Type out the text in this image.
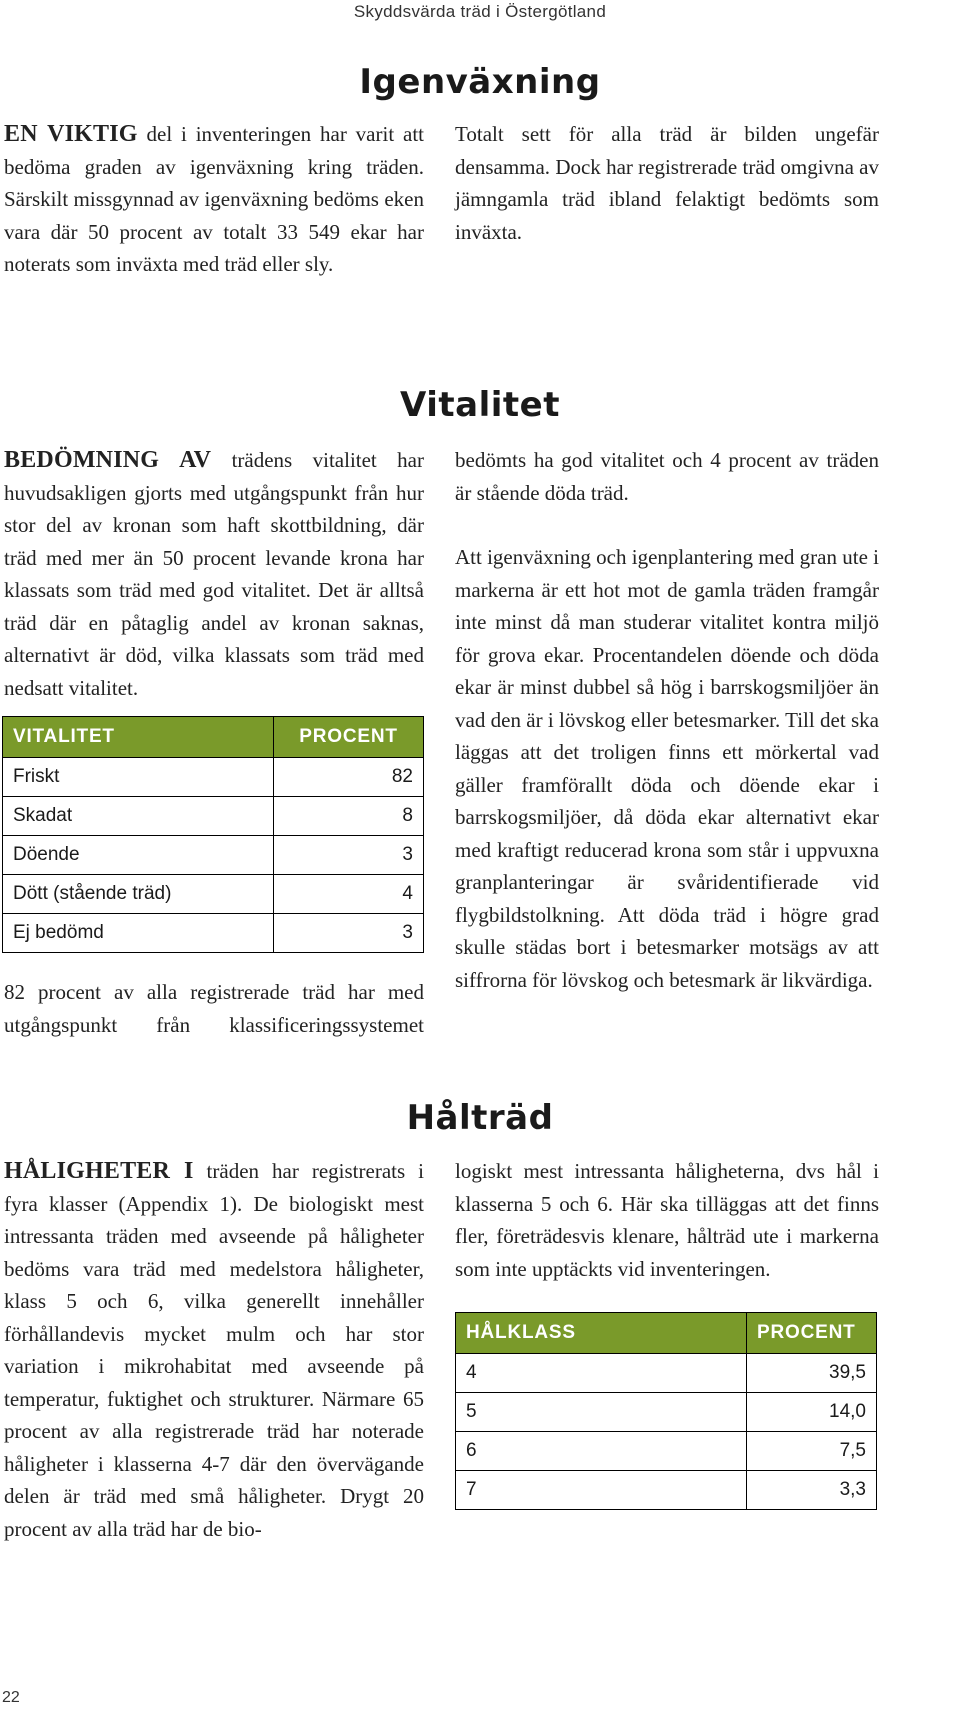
Skyddsvärda träd i Östergötland
Igenväxning

EN VIKTIG del i inventeringen har varit att bedöma graden av igenväxning kring träden. Särskilt missgynnad av igenväxning bedöms eken vara där 50 procent av totalt 33 549 ekar har noterats som inväxta med träd eller sly.

Totalt sett för alla träd är bilden ungefär densamma. Dock har registrerade träd omgivna av jämngamla träd ibland felaktigt bedömts som inväxta.

Vitalitet

BEDÖMNING AV trädens vitalitet har huvudsakligen gjorts med utgångspunkt från hur stor del av kronan som haft skottbildning, där träd med mer än 50 procent levande krona har klassats som träd med god vitalitet. Det är alltså träd där en påtaglig andel av kronan saknas, alternativt är död, vilka klassats som träd med nedsatt vitalitet.

VITALITET	PROCENT
Friskt	82
Skadat	8
Döende	3
Dött (stående träd)	4
Ej bedömd	3

82 procent av alla registrerade träd har med utgångspunkt från klassificeringssystemet

bedömts ha god vitalitet och 4 procent av träden är stående döda träd.

Att igenväxning och igenplantering med gran ute i markerna är ett hot mot de gamla träden framgår inte minst då man studerar vitalitet kontra miljö för grova ekar. Procentandelen döende och döda ekar är minst dubbel så hög i barrskogsmiljöer än vad den är i lövskog eller betesmarker. Till det ska läggas att det troligen finns ett mörkertal vad gäller framförallt döda och döende ekar i barrskogsmiljöer, då döda ekar alternativt ekar med kraftigt reducerad krona som står i uppvuxna granplanteringar är svåridentifierade vid flygbildstolkning. Att döda träd i högre grad skulle städas bort i betesmarker motsägs av att siffrorna för lövskog och betesmark är likvärdiga.

Hålträd

HÅLIGHETER I träden har registrerats i fyra klasser (Appendix 1). De biologiskt mest intressanta träden med avseende på håligheter bedöms vara träd med medelstora håligheter, klass 5 och 6, vilka generellt innehåller förhållandevis mycket mulm och har stor variation i mikrohabitat med avseende på temperatur, fuktighet och strukturer. Närmare 65 procent av alla registrerade träd har noterade håligheter i klasserna 4-7 där den övervägande delen är träd med små håligheter. Drygt 20 procent av alla träd har de bio-

logiskt mest intressanta håligheterna, dvs hål i klasserna 5 och 6. Här ska tilläggas att det finns fler, företrädesvis klenare, hålträd ute i markerna som inte upptäckts vid inventeringen.

HÅLKLASS	PROCENT
4	39,5
5	14,0
6	7,5
7	3,3
22
